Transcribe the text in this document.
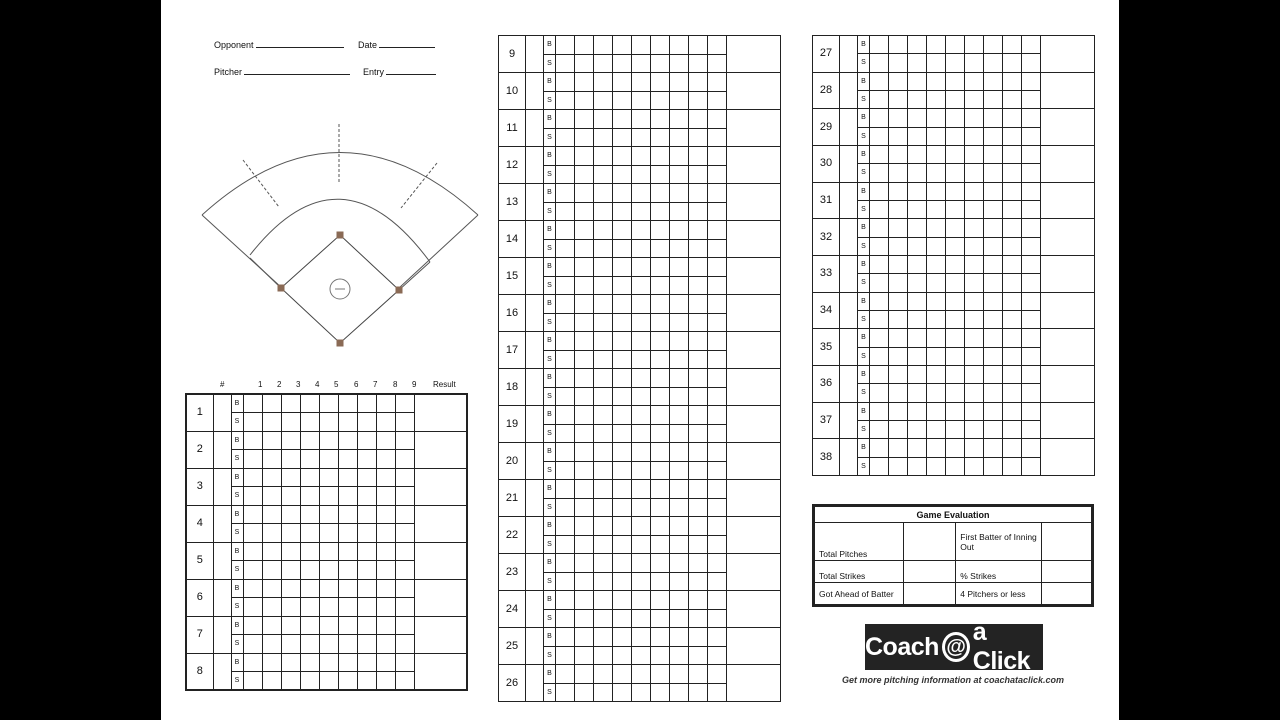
Opponent	Date
Pitcher	Entry
#	1 2 3 4 5 6 7 8 9 Result
1		B										
		S										
2		B										
		S										
3		B										
		S										
4		B										
		S										
5		B										
		S										
6		B										
		S										
7		B										
		S										
8		B										
		S										
9		B										
		S										
10		B										
		S										
11		B										
		S										
12		B										
		S										
13		B										
		S										
14		B										
		S										
15		B										
		S										
16		B										
		S										
17		B										
		S										
18		B										
		S										
19		B										
		S										
20		B										
		S										
21		B										
		S										
22		B										
		S										
23		B										
		S										
24		B										
		S										
25		B										
		S										
26		B										
		S										
27		B										
		S										
28		B										
		S										
29		B										
		S										
30		B										
		S										
31		B										
		S										
32		B										
		S										
33		B										
		S										
34		B										
		S										
35		B										
		S										
36		B										
		S										
37		B										
		S										
38		B										
		S										
Game Evaluation			
Total Pitches		First Batter of Inning Out	
Total Strikes		% Strikes	
Got Ahead of Batter		4 Pitchers or less	
Coach @
a Click
Get more pitching information at coachataclick.com
